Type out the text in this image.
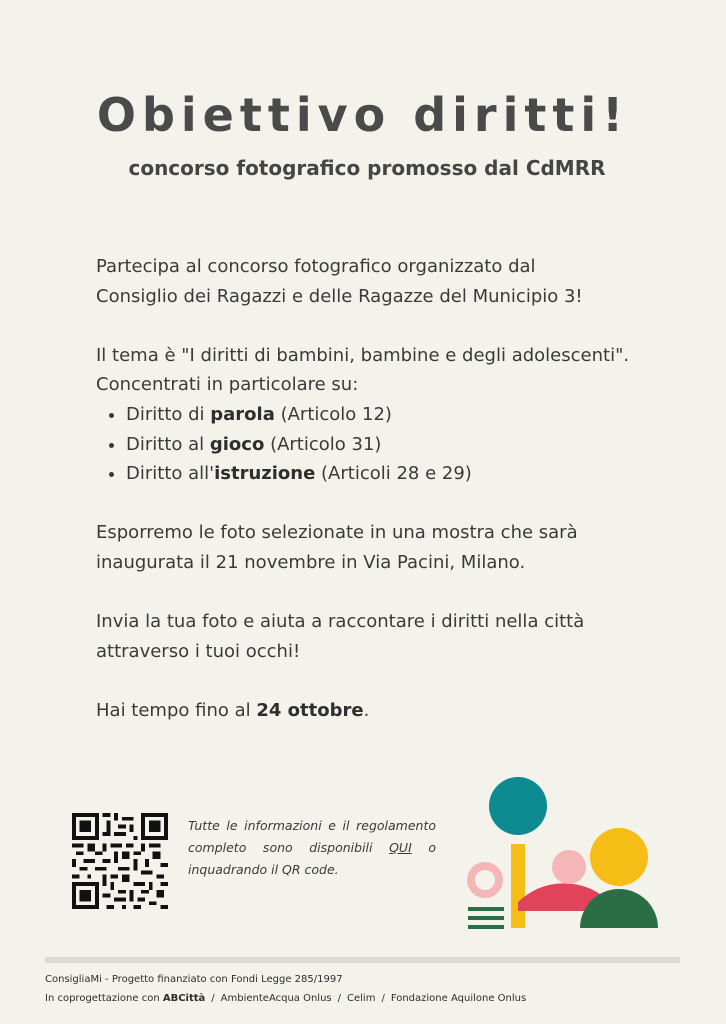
Obiettivo diritti!
concorso fotografico promosso dal CdMRR

Partecipa al concorso fotografico organizzato dal

Consiglio dei Ragazzi e delle Ragazze del Municipio 3!

Il tema è "I diritti di bambini, bambine e degli adolescenti".

Concentrati in particolare su:

• Diritto di parola (Articolo 12)
• Diritto al gioco (Articolo 31)
• Diritto all'istruzione (Articoli 28 e 29)

Esporremo le foto selezionate in una mostra che sarà

inaugurata il 21 novembre in Via Pacini, Milano.

Invia la tua foto e aiuta a raccontare i diritti nella città

attraverso i tuoi occhi!

Hai tempo fino al 24 ottobre.

Tutte le informazioni e il regolamento completo sono disponibili QUI o inquadrando il QR code.

ConsigliaMi - Progetto finanziato con Fondi Legge 285/1997

In coprogettazione con ABCittà / AmbienteAcqua Onlus / Celim / Fondazione Aquilone Onlus
